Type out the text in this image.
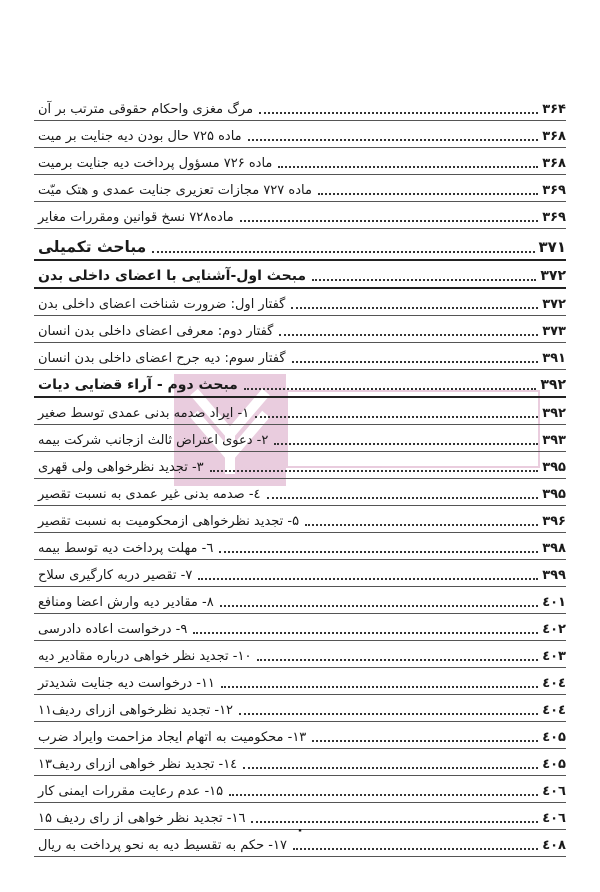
مرگ مغزی واحکام حقوقی مترتب بر آن	۳۶۴
ماده ۷۲۵ حال بودن دیه جنایت بر میت	۳۶۸
ماده ۷۲۶ مسؤول پرداخت دیه جنایت برمیت	۳۶۸
ماده ۷۲۷ مجازات تعزیری جنایت عمدی و هتک میّت	۳۶۹
ماده۷۲۸ نسخ قوانین ومقررات مغایر	۳۶۹
مباحث تکمیلی	۳۷۱
مبحث اول-آشنایی با اعضای داخلی بدن	۳۷۲
گفتار اول: ضرورت شناخت اعضای داخلی بدن	۳۷۲
گفتار دوم: معرفی اعضای داخلی بدن انسان	۳۷۳
گفتار سوم: دیه جرح اعضای داخلی بدن انسان	۳۹۱
مبحث دوم - آراء قضایی دیات	۳۹۲
۱- ایراد صدمه بدنی عمدی توسط صغیر	۳۹۲
۲- دعوی اعتراض ثالث ازجانب شرکت بیمه	۳۹۳
۳- تجدید نظرخواهی ولی قهری	۳۹۵
٤- صدمه بدنی غیر عمدی به نسبت تقصیر	۳۹۵
۵- تجدید نظرخواهی ازمحکومیت به نسبت تقصیر	۳۹۶
٦- مهلت پرداخت دیه توسط بیمه	۳۹۸
۷- تقصیر دربه کارگیری سلاح	۳۹۹
۸- مقادیر دیه وارش اعضا ومنافع	٤۰۱
۹- درخواست اعاده دادرسی	٤۰۲
۱۰- تجدید نظر خواهی درباره مقادیر دیه	٤۰۳
۱۱- درخواست دیه جنایت شدیدتر	٤۰٤
۱۲- تجدید نظرخواهی ازرای ردیف۱۱	٤۰٤
۱۳- محکومیت به اتهام ایجاد مزاحمت وایراد ضرب	٤۰۵
۱٤- تجدید نظر خواهی ازرای ردیف۱۳	٤۰۵
۱۵- عدم رعایت مقررات ایمنی کار	٤۰٦
۱٦- تجدید نظر خواهی از رای ردیف ۱۵	٤۰٦
۱۷- حکم به تقسیط دیه به نحو پرداخت به ریال	٤۰۸
۰
